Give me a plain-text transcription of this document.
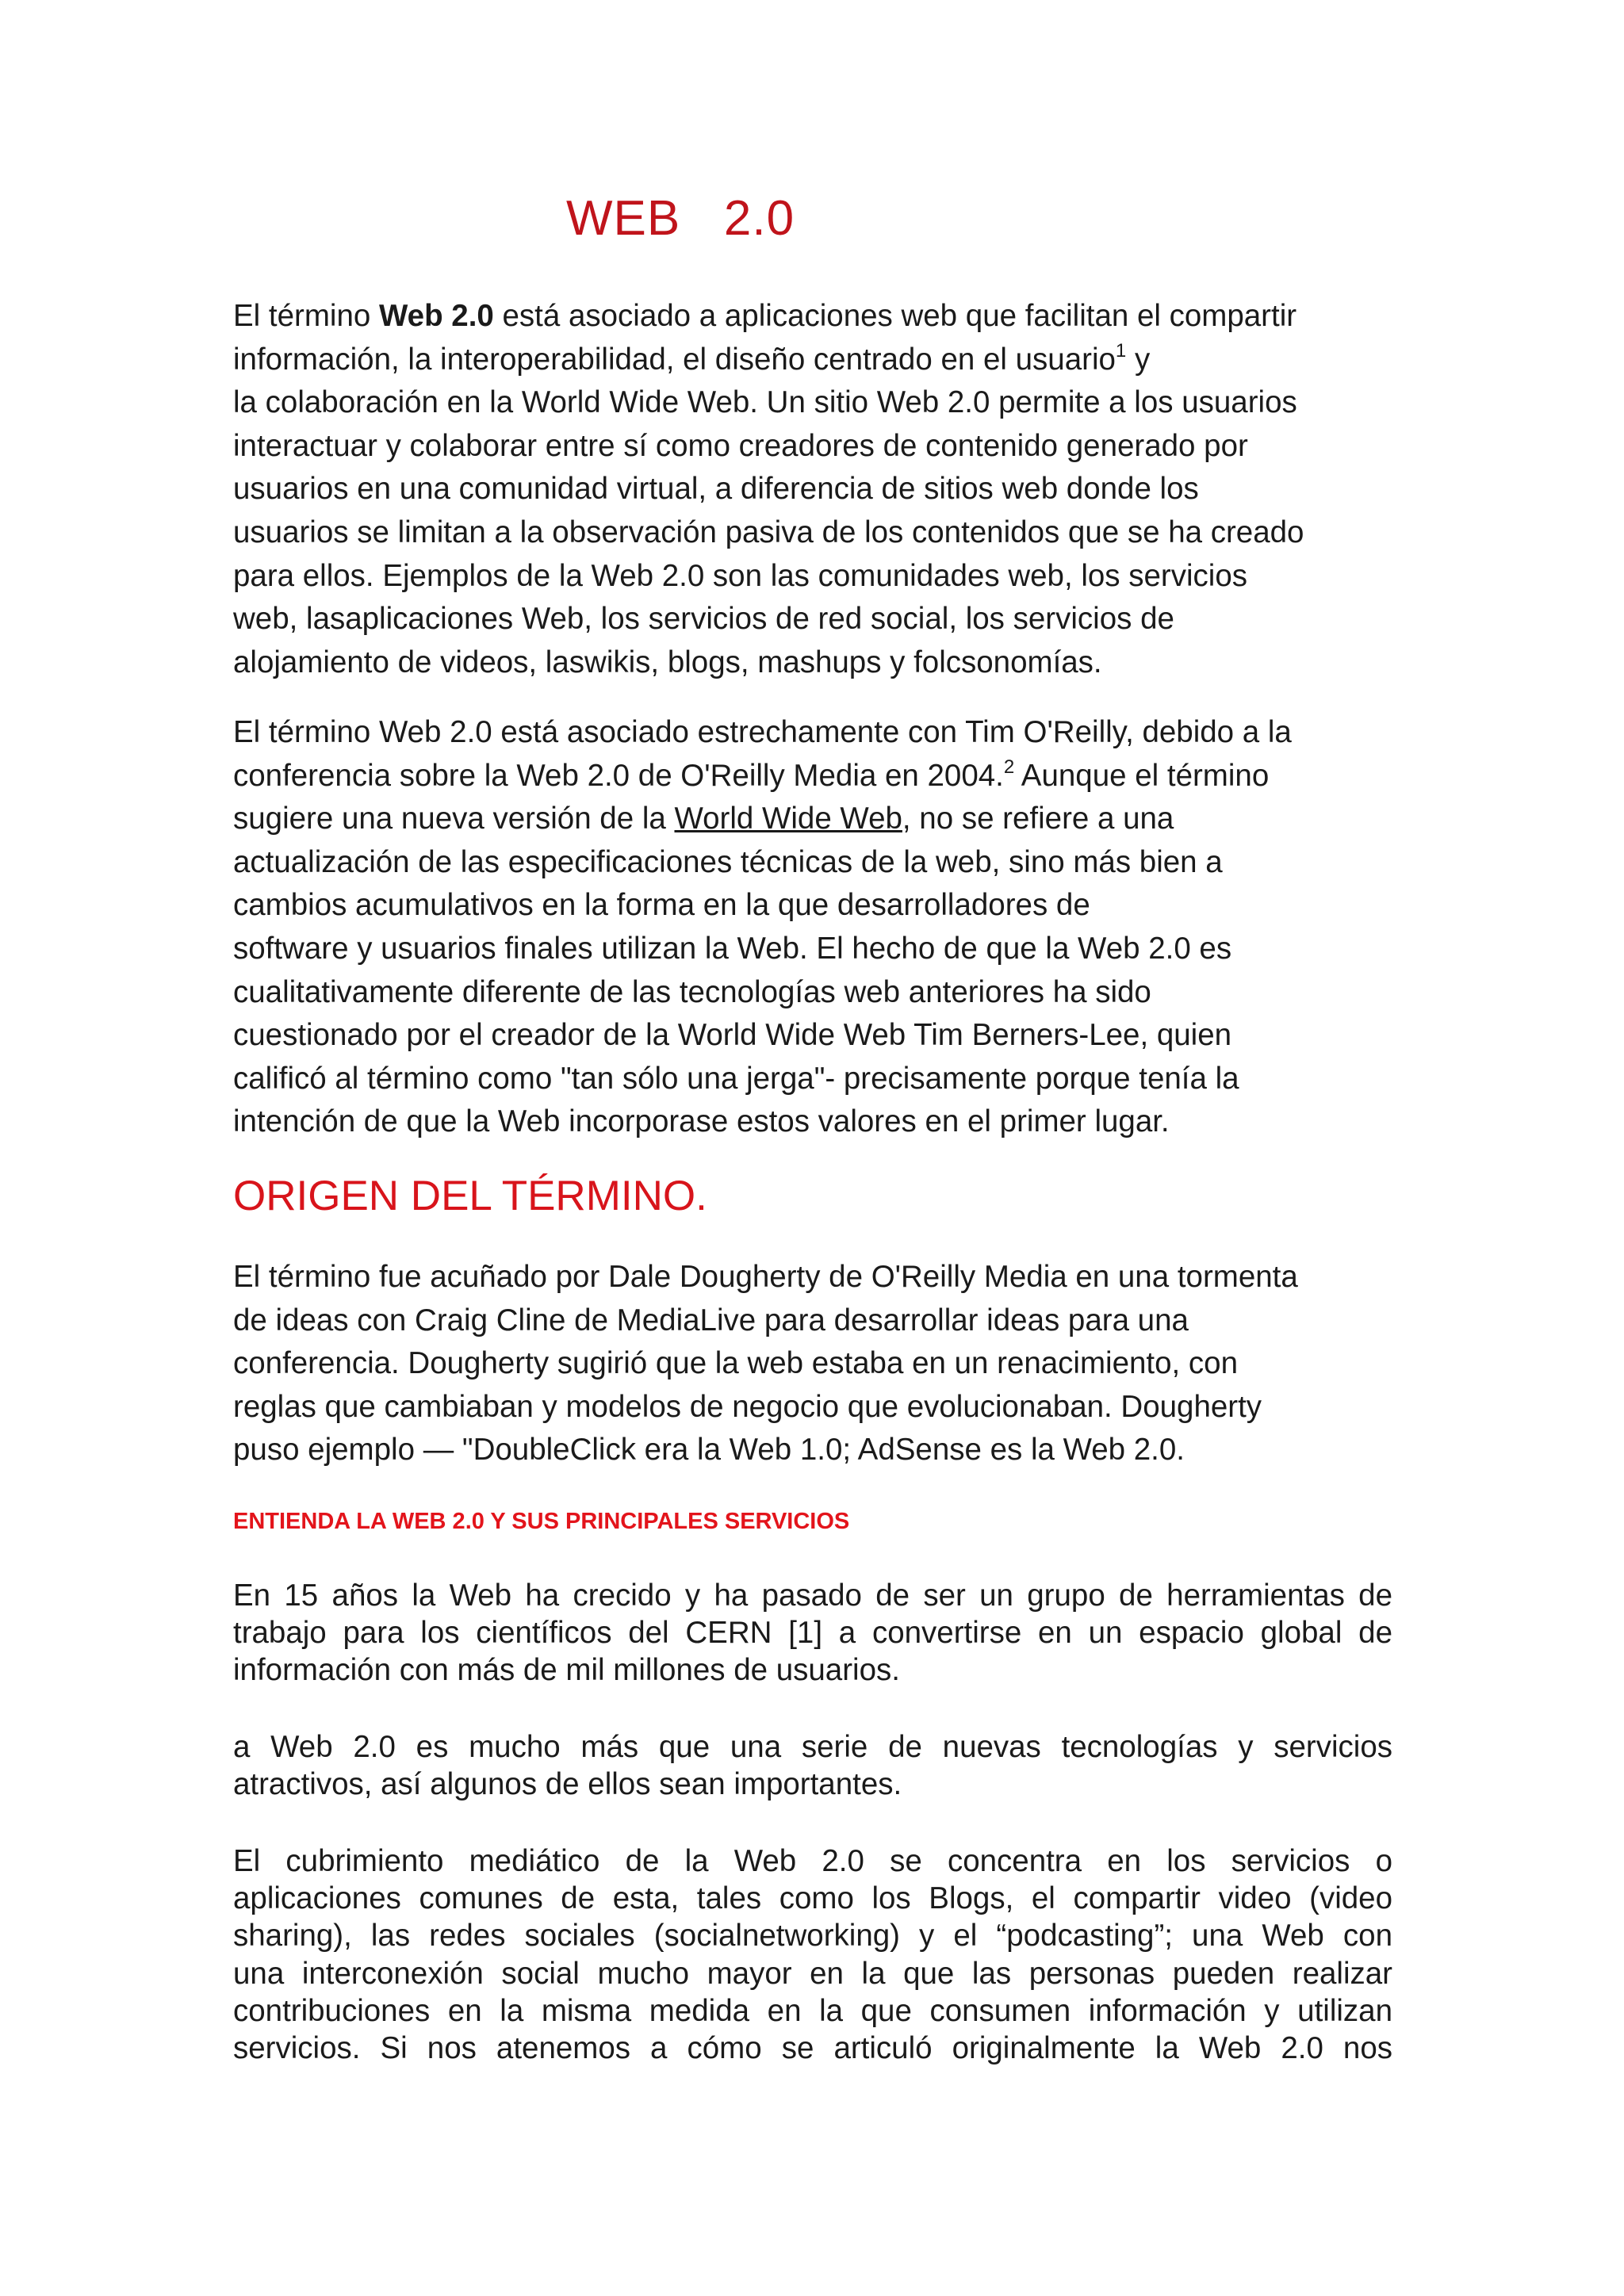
WEB   2.0
El término Web 2.0 está asociado a aplicaciones web que facilitan el compartir
información, la interoperabilidad, el diseño centrado en el usuario$^1$ y
la colaboración en la World Wide Web. Un sitio Web 2.0 permite a los usuarios
interactuar y colaborar entre sí como creadores de contenido generado por
usuarios en una comunidad virtual, a diferencia de sitios web donde los
usuarios se limitan a la observación pasiva de los contenidos que se ha creado
para ellos. Ejemplos de la Web 2.0 son las comunidades web, los servicios
web, lasaplicaciones Web, los servicios de red social, los servicios de
alojamiento de videos, laswikis, blogs, mashups y folcsonomías.
El término Web 2.0 está asociado estrechamente con Tim O'Reilly, debido a la
conferencia sobre la Web 2.0 de O'Reilly Media en 2004.$^2$ Aunque el término
sugiere una nueva versión de la World Wide Web, no se refiere a una
actualización de las especificaciones técnicas de la web, sino más bien a
cambios acumulativos en la forma en la que desarrolladores de
software y usuarios finales utilizan la Web. El hecho de que la Web 2.0 es
cualitativamente diferente de las tecnologías web anteriores ha sido
cuestionado por el creador de la World Wide Web Tim Berners-Lee, quien
calificó al término como "tan sólo una jerga"- precisamente porque tenía la
intención de que la Web incorporase estos valores en el primer lugar.
ORIGEN DEL TÉRMINO.
El término fue acuñado por Dale Dougherty de O'Reilly Media en una tormenta
de ideas con Craig Cline de MediaLive para desarrollar ideas para una
conferencia. Dougherty sugirió que la web estaba en un renacimiento, con
reglas que cambiaban y modelos de negocio que evolucionaban. Dougherty
puso ejemplo — "DoubleClick era la Web 1.0; AdSense es la Web 2.0.
ENTIENDA LA WEB 2.0 Y SUS PRINCIPALES SERVICIOS
En 15 años la Web ha crecido y ha pasado de ser un grupo de herramientas de
trabajo para los científicos del CERN [1] a convertirse en un espacio global de
información con más de mil millones de usuarios.
a Web 2.0 es mucho más que una serie de nuevas tecnologías y servicios
atractivos, así algunos de ellos sean importantes.
El cubrimiento mediático de la Web 2.0 se concentra en los servicios o
aplicaciones comunes de esta, tales como los Blogs, el compartir video (video
sharing), las redes sociales (socialnetworking) y el “podcasting”; una Web con
una interconexión social mucho mayor en la que las personas pueden realizar
contribuciones en la misma medida en la que consumen información y utilizan
servicios. Si nos atenemos a cómo se articuló originalmente la Web 2.0 nos
